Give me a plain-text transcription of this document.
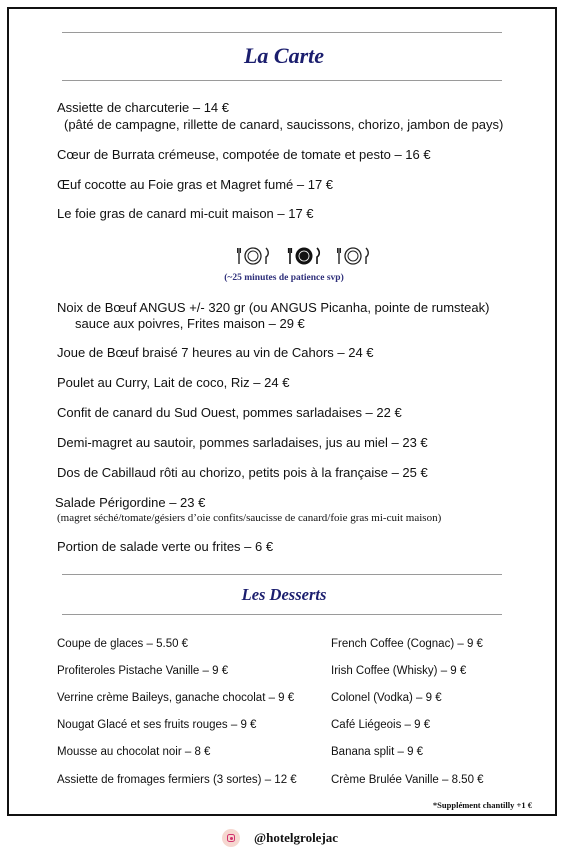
La Carte
Assiette de charcuterie – 14 €
(pâté de campagne, rillette de canard, saucissons, chorizo, jambon de pays)
Cœur de Burrata crémeuse, compotée de tomate et pesto – 16 €
Œuf cocotte au Foie gras et Magret fumé – 17 €
Le foie gras de canard mi-cuit maison – 17 €
(~25 minutes de patience svp)
Noix de Bœuf ANGUS +/- 320 gr (ou ANGUS Picanha, pointe de rumsteak)
sauce aux poivres, Frites maison – 29 €
Joue de Bœuf braisé 7 heures au vin de Cahors – 24 €
Poulet au Curry, Lait de coco, Riz – 24 €
Confit de canard du Sud Ouest, pommes sarladaises – 22 €
Demi-magret au sautoir, pommes sarladaises, jus au miel – 23 €
Dos de Cabillaud rôti au chorizo, petits pois à la française – 25 €
Salade Périgordine – 23 €
(magret séché/tomate/gésiers d’oie confits/saucisse de canard/foie gras mi-cuit maison)
Portion de salade verte ou frites – 6 €
Les Desserts
Coupe de glaces – 5.50 €
Profiteroles Pistache Vanille – 9 €
Verrine crème Baileys, ganache chocolat – 9 €
Nougat Glacé et ses fruits rouges – 9 €
Mousse au chocolat noir – 8 €
Assiette de fromages fermiers (3 sortes) – 12 €
French Coffee (Cognac) – 9 €
Irish Coffee (Whisky) – 9 €
Colonel (Vodka) – 9 €
Café Liégeois – 9 €
Banana split – 9 €
Crème Brulée Vanille – 8.50 €
*Supplément chantilly +1 €
@hotelgrolejac
